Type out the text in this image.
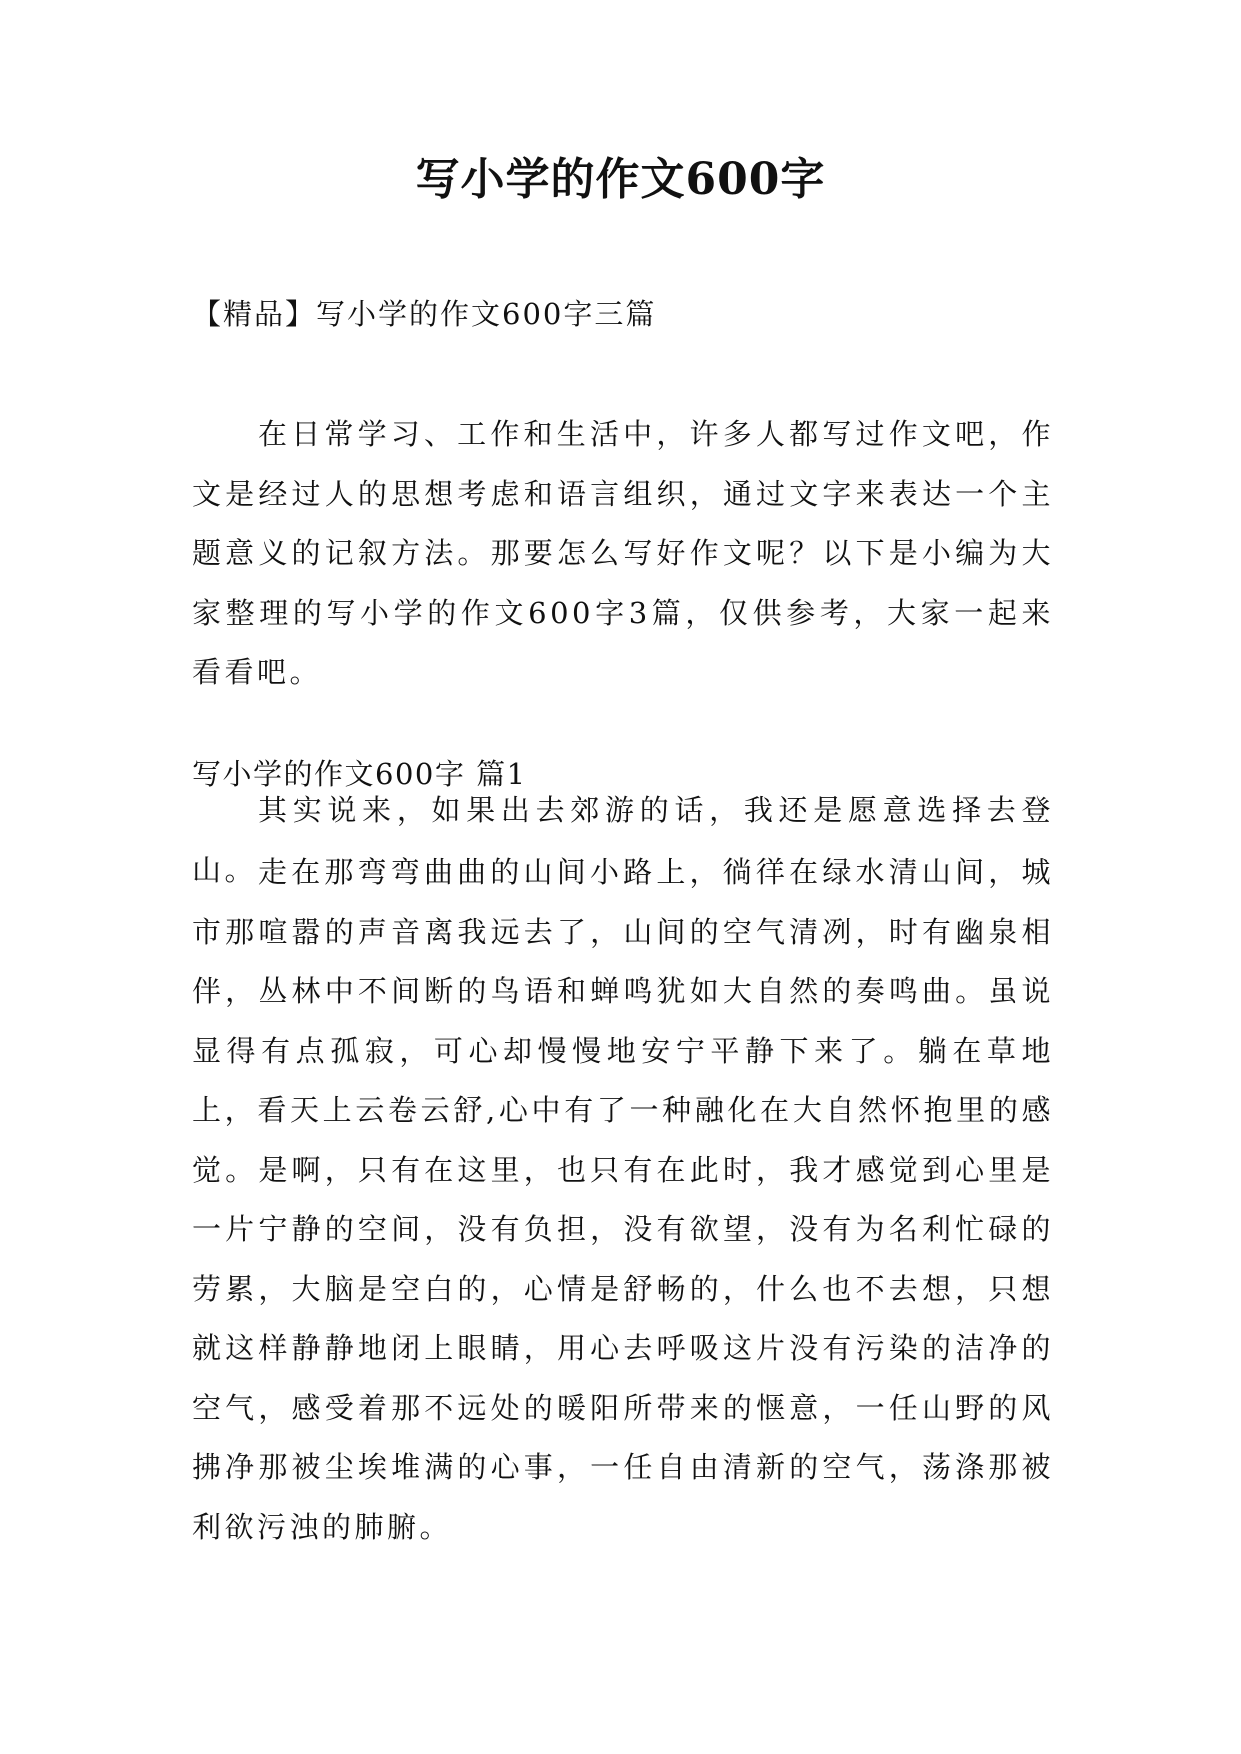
写小学的作文600字

【精品】写小学的作文600字三篇

在日常学习、工作和生活中，许多人都写过作文吧，作文是经过人的思想考虑和语言组织，通过文字来表达一个主题意义的记叙方法。那要怎么写好作文呢？以下是小编为大家整理的写小学的作文600字3篇，仅供参考，大家一起来看看吧。

写小学的作文600字 篇1

其实说来，如果出去郊游的话，我还是愿意选择去登山。 走在那弯弯曲曲的山间小路上，徜徉在绿水清山间，城市那喧嚣的声音离我远去了，山间的空气清冽，时有幽泉相伴，丛林中不间断的鸟语和蝉鸣犹如大自然的奏鸣曲。虽说显得有点孤寂，可心却慢慢地安宁平静下来了。躺在草地上，看天上云卷云舒,心中有了一种融化在大自然怀抱里的感觉。是啊，只有在这里，也只有在此时，我才感觉到心里是一片宁静的空间，没有负担，没有欲望，没有为名利忙碌的劳累，大脑是空白的，心情是舒畅的，什么也不去想，只想就这样静静地闭上眼睛，用心去呼吸这片没有污染的洁净的空气，感受着那不远处的暖阳所带来的惬意，一任山野的风拂净那被尘埃堆满的心事，一任自由清新的空气，荡涤那被利欲污浊的肺腑。
